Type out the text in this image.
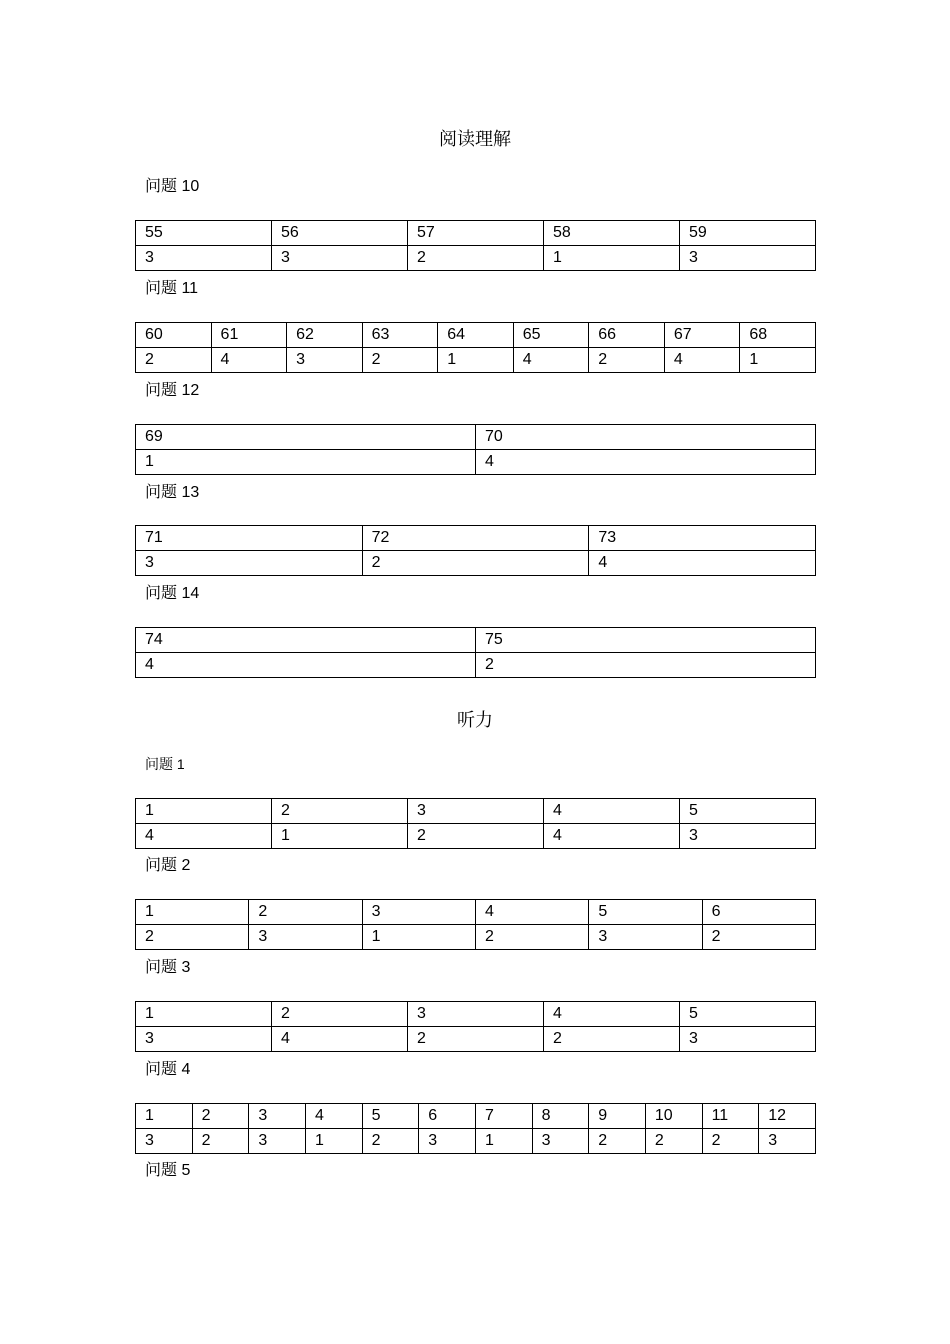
阅读理解
问题 10
55	56	57	58	59
3	3	2	1	3
问题 11
60	61	62	63	64	65	66	67	68
2	4	3	2	1	4	2	4	1
问题 12
69	70
1	4
问题 13
71	72	73
3	2	4
问题 14
74	75
4	2
听力
问题 1
1	2	3	4	5
4	1	2	4	3
问题 2
1	2	3	4	5	6
2	3	1	2	3	2
问题 3
1	2	3	4	5
3	4	2	2	3
问题 4
1	2	3	4	5	6	7	8	9	10	11	12
3	2	3	1	2	3	1	3	2	2	2	3
问题 5
